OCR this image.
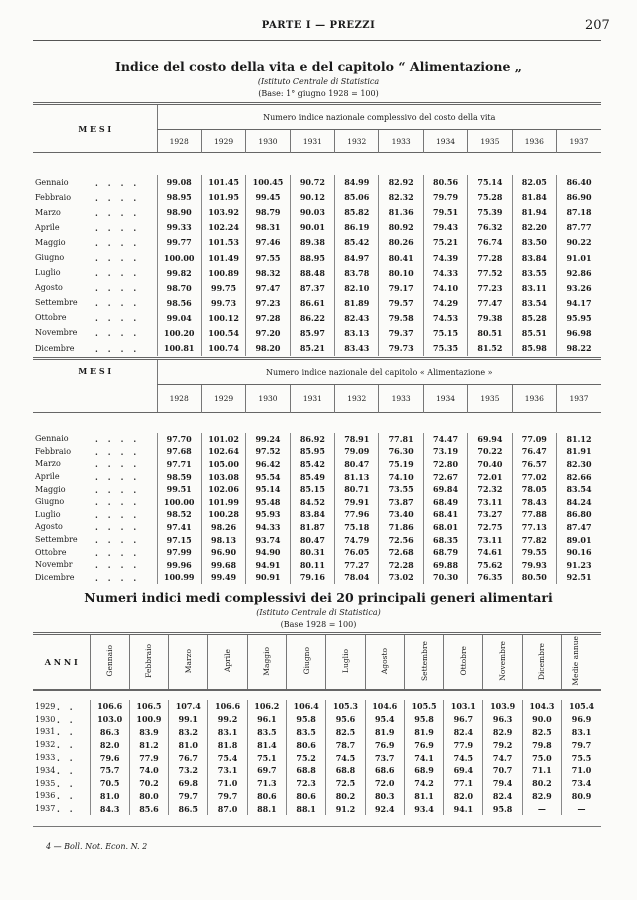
PARTE I — PREZZI	207
Indice del costo della vita e del capitolo “ Alimentazione „
(Istituto Centrale di Statistica
(Base: 1° giugno 1928 = 100)
M E S I	Numero indice nazionale complessivo del costo della vita									
	1928	1929	1930	1931	1932	1933	1934	1935	1936	1937

Gennaio ....	99.08	101.45	100.45	90.72	84.99	82.92	80.56	75.14	82.05	86.40
Febbraio ....	98.95	101.95	99.45	90.12	85.06	82.32	79.79	75.28	81.84	86.90
Marzo ....	98.90	103.92	98.79	90.03	85.82	81.36	79.51	75.39	81.94	87.18
Aprile ....	99.33	102.24	98.31	90.01	86.19	80.92	79.43	76.32	82.20	87.77
Maggio ....	99.77	101.53	97.46	89.38	85.42	80.26	75.21	76.74	83.50	90.22
Giugno ....	100.00	101.49	97.55	88.95	84.97	80.41	74.39	77.28	83.84	91.01
Luglio ....	99.82	100.89	98.32	88.48	83.78	80.10	74.33	77.52	83.55	92.86
Agosto ....	98.70	99.75	97.47	87.37	82.10	79.17	74.10	77.23	83.11	93.26
Settembre ....	98.56	99.73	97.23	86.61	81.89	79.57	74.29	77.47	83.54	94.17
Ottobre ....	99.04	100.12	97.28	86.22	82.43	79.58	74.53	79.38	85.28	95.95
Novembre ....	100.20	100.54	97.20	85.97	83.13	79.37	75.15	80.51	85.51	96.98
Dicembre ....	100.81	100.74	98.20	85.21	83.43	79.73	75.35	81.52	85.98	98.22
M E S I	Numero indice nazionale del capitolo « Alimentazione »									
	1928	1929	1930	1931	1932	1933	1934	1935	1936	1937

Gennaio ....	97.70	101.02	99.24	86.92	78.91	77.81	74.47	69.94	77.09	81.12
Febbraio ....	97.68	102.64	97.52	85.95	79.09	76.30	73.19	70.22	76.47	81.91
Marzo ....	97.71	105.00	96.42	85.42	80.47	75.19	72.80	70.40	76.57	82.30
Aprile ....	98.59	103.08	95.54	85.49	81.13	74.10	72.67	72.01	77.02	82.66
Maggio ....	99.51	102.06	95.14	85.15	80.71	73.55	69.84	72.32	78.05	83.54
Giugno ....	100.00	101.99	95.48	84.52	79.91	73.87	68.49	73.11	78.43	84.24
Luglio ....	98.52	100.28	95.93	83.84	77.96	73.40	68.41	73.27	77.88	86.80
Agosto ....	97.41	98.26	94.33	81.87	75.18	71.86	68.01	72.75	77.13	87.47
Settembre ....	97.15	98.13	93.74	80.47	74.79	72.56	68.35	73.11	77.82	89.01
Ottobre ....	97.99	96.90	94.90	80.31	76.05	72.68	68.79	74.61	79.55	90.16
Novembr ....	99.96	99.68	94.91	80.11	77.27	72.28	69.88	75.62	79.93	91.23
Dicembre ....	100.99	99.49	90.91	79.16	78.04	73.02	70.30	76.35	80.50	92.51
Numeri indici medi complessivi dei 20 principali generi alimentari
(Istituto Centrale di Statistica)
(Base 1928 = 100)
A N N I	Gennaio	Febbraio	Marzo	Aprile	Maggio	Giugno	Luglio	Agosto	Settembre	Ottobre	Novembre	Dicembre	Medie annue

1929 ..	106.6	106.5	107.4	106.6	106.2	106.4	105.3	104.6	105.5	103.1	103.9	104.3	105.4
1930 ..	103.0	100.9	99.1	99.2	96.1	95.8	95.6	95.4	95.8	96.7	96.3	90.0	96.9
1931 ..	86.3	83.9	83.2	83.1	83.5	83.5	82.5	81.9	81.9	82.4	82.9	82.5	83.1
1932 ..	82.0	81.2	81.0	81.8	81.4	80.6	78.7	76.9	76.9	77.9	79.2	79.8	79.7
1933 ..	79.6	77.9	76.7	75.4	75.1	75.2	74.5	73.7	74.1	74.5	74.7	75.0	75.5
1934 ..	75.7	74.0	73.2	73.1	69.7	68.8	68.8	68.6	68.9	69.4	70.7	71.1	71.0
1935 ..	70.5	70.2	69.8	71.0	71.3	72.3	72.5	72.0	74.2	77.1	79.4	80.2	73.4
1936 ..	81.0	80.0	79.7	79.7	80.6	80.6	80.2	80.3	81.1	82.0	82.4	82.9	80.9
1937 ..	84.3	85.6	86.5	87.0	88.1	88.1	91.2	92.4	93.4	94.1	95.8	—	—
4 — Boll. Not. Econ. N. 2
